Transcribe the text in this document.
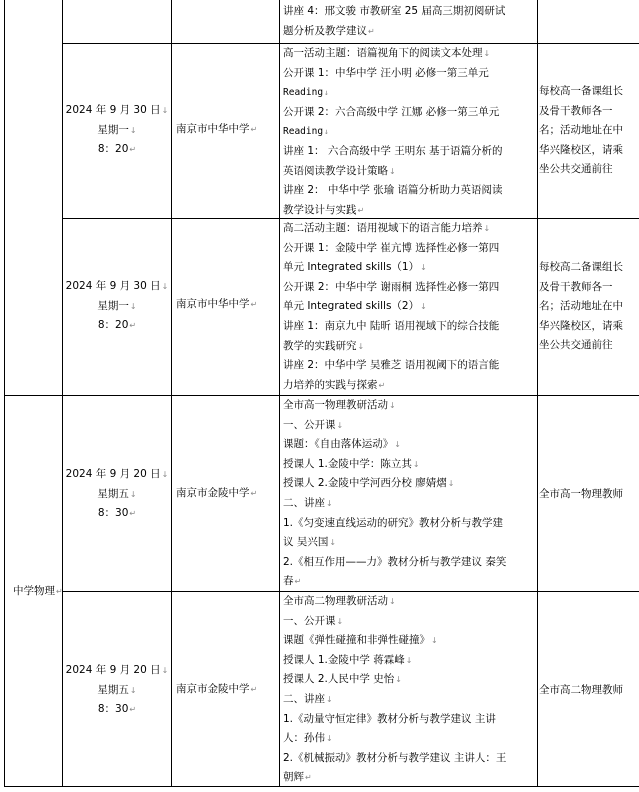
讲座 4：邢文骏 市教研室 25 届高三期初阅研试
题分析及教学建议↵
2024 年 9 月 30 日↓
星期一↓
8：20↵
南京市中华中学↵
高一活动主题：语篇视角下的阅读文本处理↓
公开课 1：中华中学 汪小明 必修一第三单元
Reading↓
公开课 2：六合高级中学 江娜 必修一第三单元
Reading↓
讲座 1： 六合高级中学 王明东 基于语篇分析的
英语阅读教学设计策略↓
讲座 2： 中华中学 张瑜 语篇分析助力英语阅读
教学设计与实践↵
每校高一备课组长
及骨干教师各一
名；活动地址在中
华兴隆校区，请乘
坐公共交通前往
2024 年 9 月 30 日↓
星期一↓
8：20↵
南京市中华中学↵
高二活动主题：语用视域下的语言能力培养↓
公开课 1：金陵中学 崔亢博 选择性必修一第四
单元 Integrated skills（1）↓
公开课 2：中华中学 谢雨桐 选择性必修一第四
单元 Integrated skills（2）↓
讲座 1：南京九中 陆昕 语用视域下的综合技能
教学的实践研究↓
讲座 2：中华中学 吴雅芝 语用视阈下的语言能
力培养的实践与探索↵
每校高二备课组长
及骨干教师各一
名；活动地址在中
华兴隆校区，请乘
坐公共交通前往
中学物理↵
2024 年 9 月 20 日↓
星期五↓
8：30↵
南京市金陵中学↵
全市高一物理教研活动↓
一、公开课↓
课题：《自由落体运动》↓
授课人 1.金陵中学：陈立其↓
授课人 2.金陵中学河西分校 廖婧熠↓
二、讲座↓
1.《匀变速直线运动的研究》教材分析与教学建
议 吴兴国↓
2.《相互作用——力》教材分析与教学建议 秦笑
春↵
全市高一物理教师
2024 年 9 月 20 日↓
星期五↓
8：30↵
南京市金陵中学↵
全市高二物理教研活动↓
一、公开课↓
课题《弹性碰撞和非弹性碰撞》↓
授课人 1.金陵中学 蒋霖峰↓
授课人 2.人民中学 史怡↓
二、讲座↓
1.《动量守恒定律》教材分析与教学建议 主讲
人：孙伟↓
2.《机械振动》教材分析与教学建议 主讲人：王
朝辉↵
全市高二物理教师
